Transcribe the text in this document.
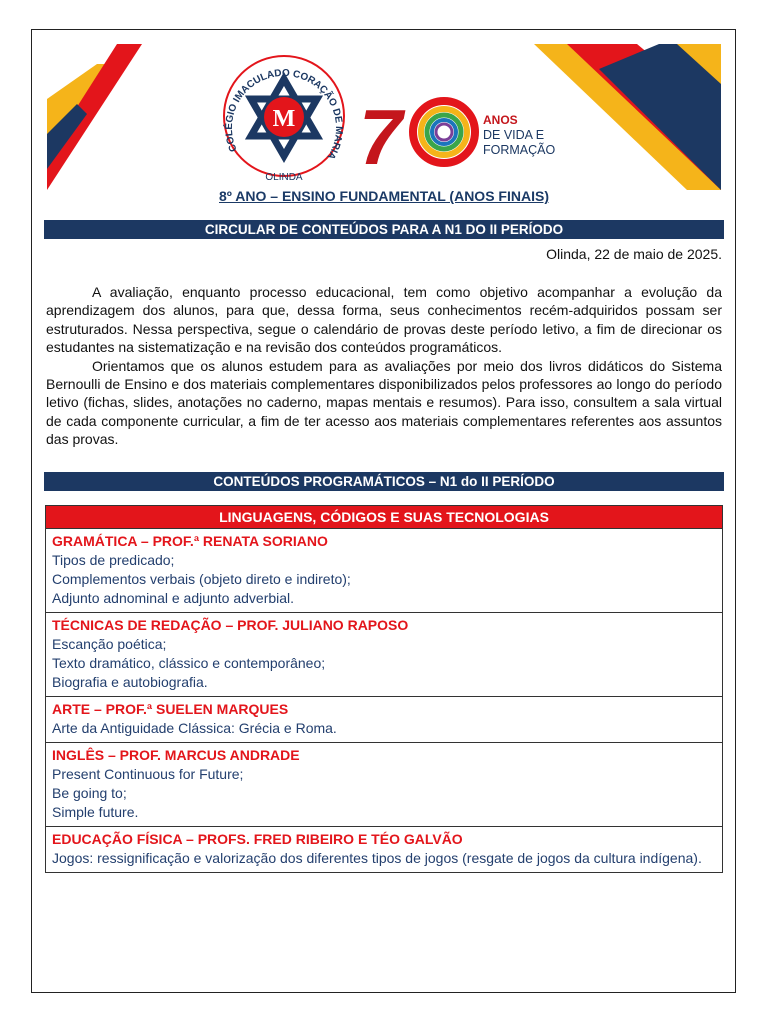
COLÉGIO IMACULADO CORAÇÃO DE MARIA
OLINDA
M 7	ANOS
DE VIDA E
FORMAÇÃO
8º ANO – ENSINO FUNDAMENTAL (ANOS FINAIS)
CIRCULAR DE CONTEÚDOS PARA A N1 DO II PERÍODO
Olinda, 22 de maio de 2025.

A avaliação, enquanto processo educacional, tem como objetivo acompanhar a evolução da aprendizagem dos alunos, para que, dessa forma, seus conhecimentos recém-adquiridos possam ser estruturados. Nessa perspectiva, segue o calendário de provas deste período letivo, a fim de direcionar os estudantes na sistematização e na revisão dos conteúdos programáticos.

Orientamos que os alunos estudem para as avaliações por meio dos livros didáticos do Sistema Bernoulli de Ensino e dos materiais complementares disponibilizados pelos professores ao longo do período letivo (fichas, slides, anotações no caderno, mapas mentais e resumos). Para isso, consultem a sala virtual de cada componente curricular, a fim de ter acesso aos materiais complementares referentes aos assuntos das provas.

CONTEÚDOS PROGRAMÁTICOS – N1 do II PERÍODO
LINGUAGENS, CÓDIGOS E SUAS TECNOLOGIAS
GRAMÁTICA – PROF.ª RENATA SORIANO
Tipos de predicado;
Complementos verbais (objeto direto e indireto);
Adjunto adnominal e adjunto adverbial.
TÉCNICAS DE REDAÇÃO – PROF. JULIANO RAPOSO
Escanção poética;
Texto dramático, clássico e contemporâneo;
Biografia e autobiografia.
ARTE – PROF.ª SUELEN MARQUES
Arte da Antiguidade Clássica: Grécia e Roma.
INGLÊS – PROF. MARCUS ANDRADE
Present Continuous for Future;
Be going to;
Simple future.
EDUCAÇÃO FÍSICA – PROFS. FRED RIBEIRO E TÉO GALVÃO
Jogos: ressignificação e valorização dos diferentes tipos de jogos (resgate de jogos da cultura indígena).
